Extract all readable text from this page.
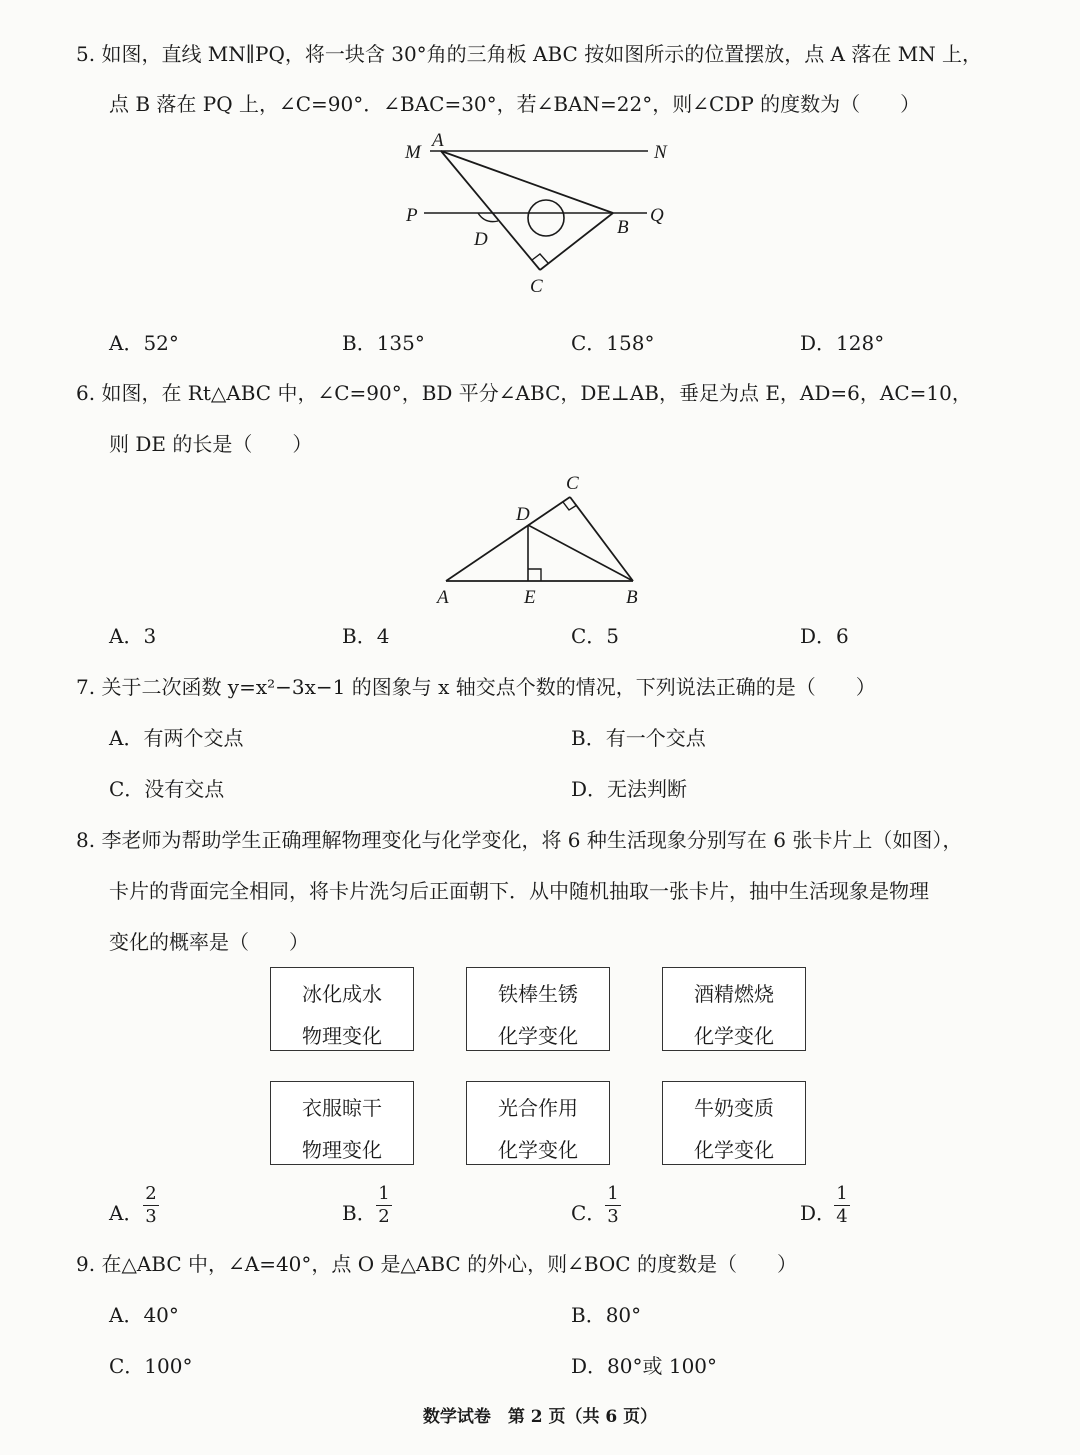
5. 如图，直线 MN∥PQ，将一块含 30°角的三角板 ABC 按如图所示的位置摆放，点 A 落在 MN 上，
点 B 落在 PQ 上，∠C=90°．∠BAC=30°，若∠BAN=22°，则∠CDP 的度数为（　　）
M
A
N
P
B
Q
D
C
A．52°	B．135°	C．158°	D．128°
6. 如图，在 Rt△ABC 中，∠C=90°，BD 平分∠ABC，DE⊥AB，垂足为点 E，AD=6，AC=10，
则 DE 的长是（　　）
C
D
A	E	B
A．3	B．4	C．5	D．6
7. 关于二次函数 y=x²−3x−1 的图象与 x 轴交点个数的情况，下列说法正确的是（　　）
A．有两个交点	B．有一个交点
C．没有交点	D．无法判断
8. 李老师为帮助学生正确理解物理变化与化学变化，将 6 种生活现象分别写在 6 张卡片上（如图），
卡片的背面完全相同，将卡片洗匀后正面朝下．从中随机抽取一张卡片，抽中生活现象是物理
变化的概率是（　　）
冰化成水
物理变化
铁棒生锈
化学变化
酒精燃烧
化学变化
衣服晾干
物理变化
光合作用
化学变化
牛奶变质
化学变化
A．
2
3	B．
1
2	C．
1
3	D．
1
4
9. 在△ABC 中，∠A=40°，点 O 是△ABC 的外心，则∠BOC 的度数是（　　）
A．40°	B．80°
C．100°	D．80°或 100°
数学试卷　第 2 页（共 6 页）
